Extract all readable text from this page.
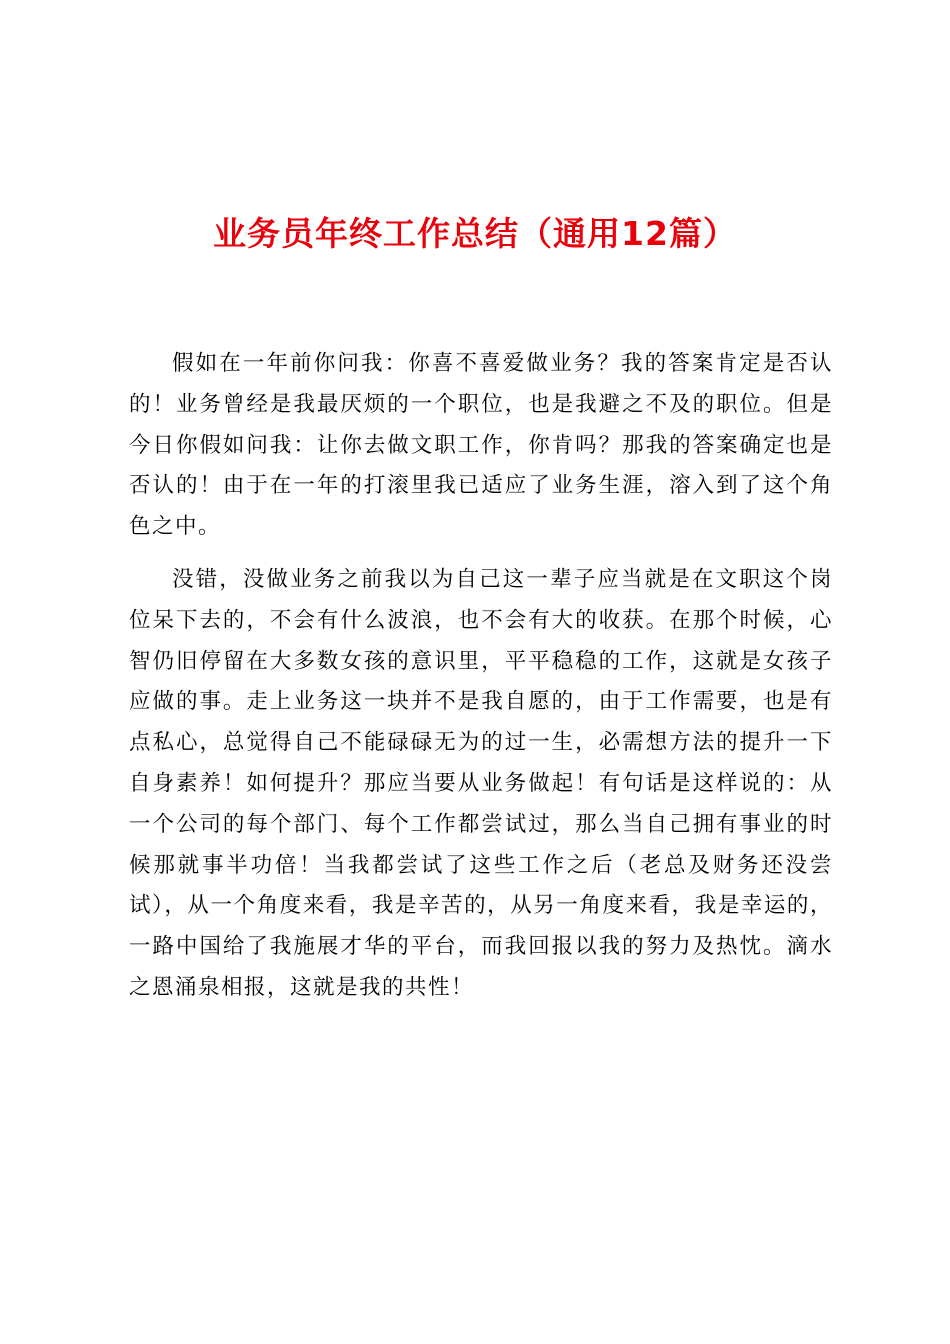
业务员年终工作总结（通用12篇）

假如在一年前你问我：你喜不喜爱做业务？我的答案肯定是否认的！业务曾经是我最厌烦的一个职位，也是我避之不及的职位。但是今日你假如问我：让你去做文职工作，你肯吗？那我的答案确定也是否认的！由于在一年的打滚里我已适应了业务生涯，溶入到了这个角色之中。

没错，没做业务之前我以为自己这一辈子应当就是在文职这个岗位呆下去的，不会有什么波浪，也不会有大的收获。在那个时候，心智仍旧停留在大多数女孩的意识里，平平稳稳的工作，这就是女孩子应做的事。走上业务这一块并不是我自愿的，由于工作需要，也是有点私心，总觉得自己不能碌碌无为的过一生，必需想方法的提升一下自身素养！如何提升？那应当要从业务做起！有句话是这样说的：从一个公司的每个部门、每个工作都尝试过，那么当自己拥有事业的时候那就事半功倍！当我都尝试了这些工作之后（老总及财务还没尝试），从一个角度来看，我是辛苦的，从另一角度来看，我是幸运的，一路中国给了我施展才华的平台，而我回报以我的努力及热忱。滴水之恩涌泉相报，这就是我的共性！
